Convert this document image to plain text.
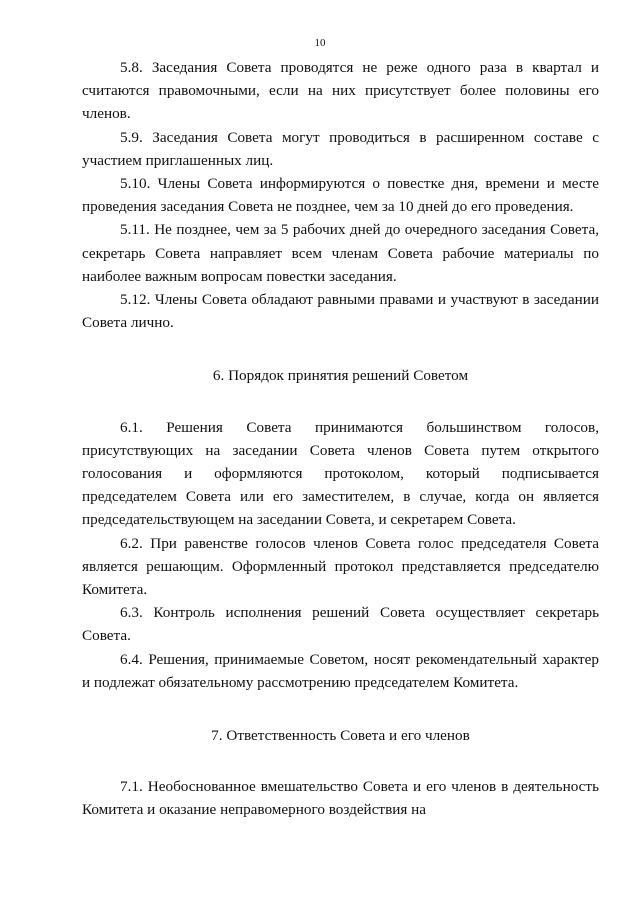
10

5.8. Заседания Совета проводятся не реже одного раза в квартал и считаются правомочными, если на них присутствует более половины его членов.

5.9. Заседания Совета могут проводиться в расширенном составе с участием приглашенных лиц.

5.10. Члены Совета информируются о повестке дня, времени и месте проведения заседания Совета не позднее, чем за 10 дней до его проведения.

5.11. Не позднее, чем за 5 рабочих дней до очередного заседания Совета, секретарь Совета направляет всем членам Совета рабочие материалы по наиболее важным вопросам повестки заседания.

5.12. Члены Совета обладают равными правами и участвуют в заседании Совета лично.

6. Порядок принятия решений Советом

6.1. Решения Совета принимаются большинством голосов, присутствующих на заседании Совета членов Совета путем открытого голосования и оформляются протоколом, который подписывается председателем Совета или его заместителем, в случае, когда он является председательствующем на заседании Совета, и секретарем Совета.

6.2. При равенстве голосов членов Совета голос председателя Совета является решающим. Оформленный протокол представляется председателю Комитета.

6.3. Контроль исполнения решений Совета осуществляет секретарь Совета.

6.4. Решения, принимаемые Советом, носят рекомендательный характер и подлежат обязательному рассмотрению председателем Комитета.

7. Ответственность Совета и его членов

7.1. Необоснованное вмешательство Совета и его членов в деятельность Комитета и оказание неправомерного воздействия на
